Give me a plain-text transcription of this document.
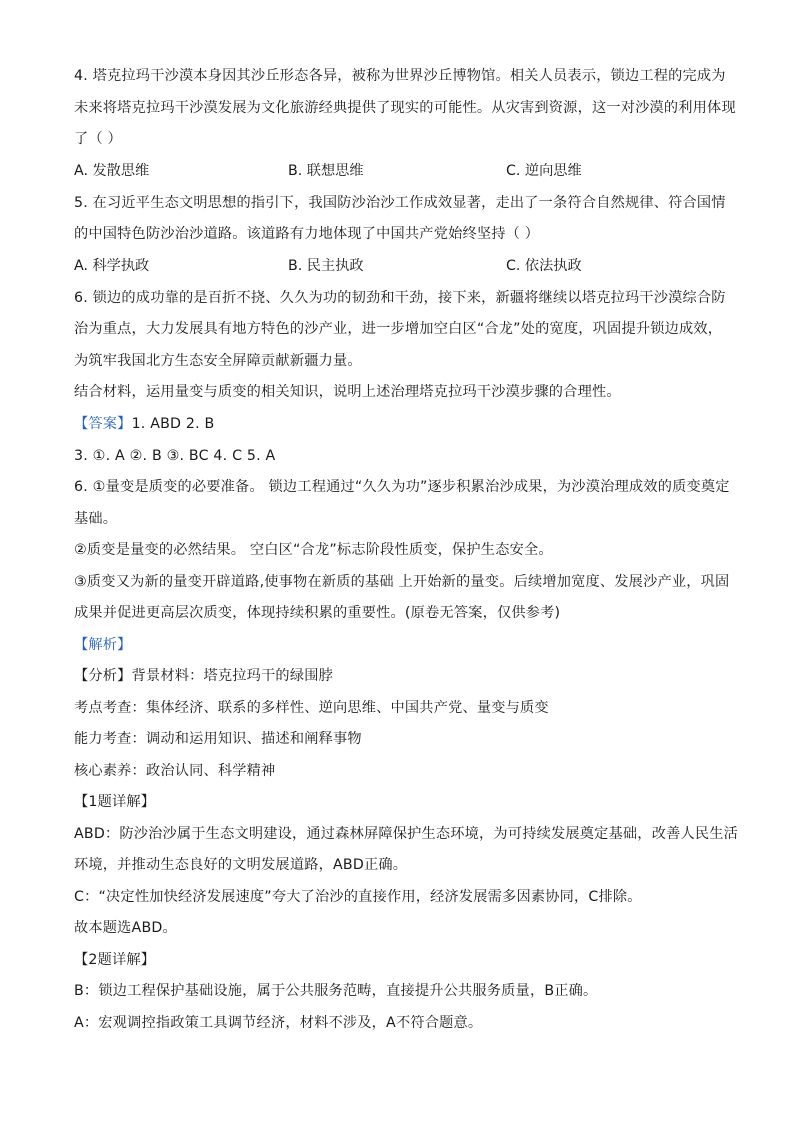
4. 塔克拉玛干沙漠本身因其沙丘形态各异，被称为世界沙丘博物馆。相关人员表示，锁边工程的完成为
未来将塔克拉玛干沙漠发展为文化旅游经典提供了现实的可能性。从灾害到资源，这一对沙漠的利用体现
了（ ）
A. 发散思维	B. 联想思维	C. 逆向思维
5. 在习近平生态文明思想的指引下，我国防沙治沙工作成效显著，走出了一条符合自然规律、符合国情
的中国特色防沙治沙道路。该道路有力地体现了中国共产党始终坚持（ ）
A. 科学执政	B. 民主执政	C. 依法执政
6. 锁边的成功靠的是百折不挠、久久为功的韧劲和干劲，接下来，新疆将继续以塔克拉玛干沙漠综合防
治为重点，大力发展具有地方特色的沙产业，进一步增加空白区“合龙”处的宽度，巩固提升锁边成效，
为筑牢我国北方生态安全屏障贡献新疆力量。
结合材料，运用量变与质变的相关知识，说明上述治理塔克拉玛干沙漠步骤的合理性。
【答案】1. ABD 2. B
3. ①. A ②. B ③. BC 4. C 5. A
6. ①量变是质变的必要准备。 锁边工程通过“久久为功”逐步积累治沙成果，为沙漠治理成效的质变奠定
基础。
②质变是量变的必然结果。 空白区“合龙”标志阶段性质变，保护生态安全。
③质变又为新的量变开辟道路,使事物在新质的基础 上开始新的量变。后续增加宽度、发展沙产业，巩固
成果并促进更高层次质变，体现持续积累的重要性。(原卷无答案，仅供参考)
【解析】
【分析】背景材料：塔克拉玛干的绿围脖
考点考查：集体经济、联系的多样性、逆向思维、中国共产党、量变与质变
能力考查：调动和运用知识、描述和阐释事物
核心素养：政治认同、科学精神
【1题详解】
ABD：防沙治沙属于生态文明建设，通过森林屏障保护生态环境，为可持续发展奠定基础，改善人民生活
环境，并推动生态良好的文明发展道路，ABD正确。
C：“决定性加快经济发展速度”夸大了治沙的直接作用，经济发展需多因素协同，C排除。
故本题选ABD。
【2题详解】
B：锁边工程保护基础设施，属于公共服务范畴，直接提升公共服务质量，B正确。
A：宏观调控指政策工具调节经济，材料不涉及，A不符合题意。
